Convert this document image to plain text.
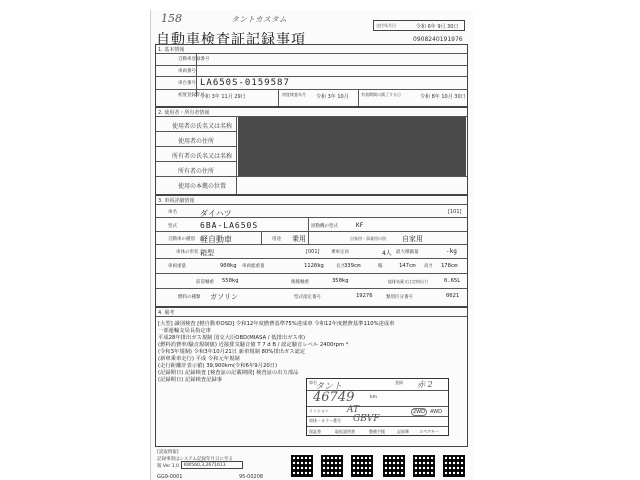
158	タントカスタム
自動車検査証記録事項
交付年月日	令和 6年 9月 30日
0908240191976
1. 基本情報
自動車登録番号
車両番号
車台番号 LA650S-0159587
初度登録年月
令和 3年 11月 29日	初度検査年月 令和 3年 10月	有効期間の満了する日	令和 8年 10月 30日
2. 使用者・所有者情報
使用者の氏名又は名称
使用者の住所
所有者の氏名又は名称
所有者の住所
使用の本拠の位置
3. 車両詳細情報
車名	ダイハツ	[101]
型式	6BA-LA650S	原動機の型式	KF
自動車の種別 軽自動車	用途 乗用	自家用・事業用の別 自家用
車体の形状 箱型	[001]	乗車定員	4人 最大積載量	-kg
車両重量	900kg 車両総重量	1120kg	長さ 339cm	幅	147cm 高さ 178cm
前前軸重 550kg	後後軸重	350kg	総排気量又は定格出力	0.65L
燃料の種類 ガソリン	型式指定番号	19276	類別区分番号	0021
4. 備考
[大型] 識別検査 [軽自動車OSD] 令和12年度燃費基準75%達成車 令和12年度燃費基準110%達成車
一部運輸支局長指定車
平成28年排出ガス規制 国交大臣OBD(MIASA / 低排出ガス車)
(燃料消費率/騒音規制値) 近接排気騒音値 T 7 d B / 認定騒音レベル 2400rpm *
(令和3年規制) 令和3年10月21日 新車規制 80%排出ガス認定
(新車乗車走行) 平成 令和元年規制
(走行距離計表示値) 39,900km(令和6年9月20日)
(記録期日) 記録検査 [検査証の記載期間] 検査証の出力部品
(記録期日) 記録検査記録事	車名
タント	登録 赤 2
46749	km
ミッション AT	2WD	4WD
車体・カラー番号 GBVF
保証書	取扱説明書	整備手帳	記録簿	スペアキー
[読取情報]
記録事項はシステム記録年月日に至る
版 Ver 1.0 KW560,3,2671613
GG9-0001	95-00208
